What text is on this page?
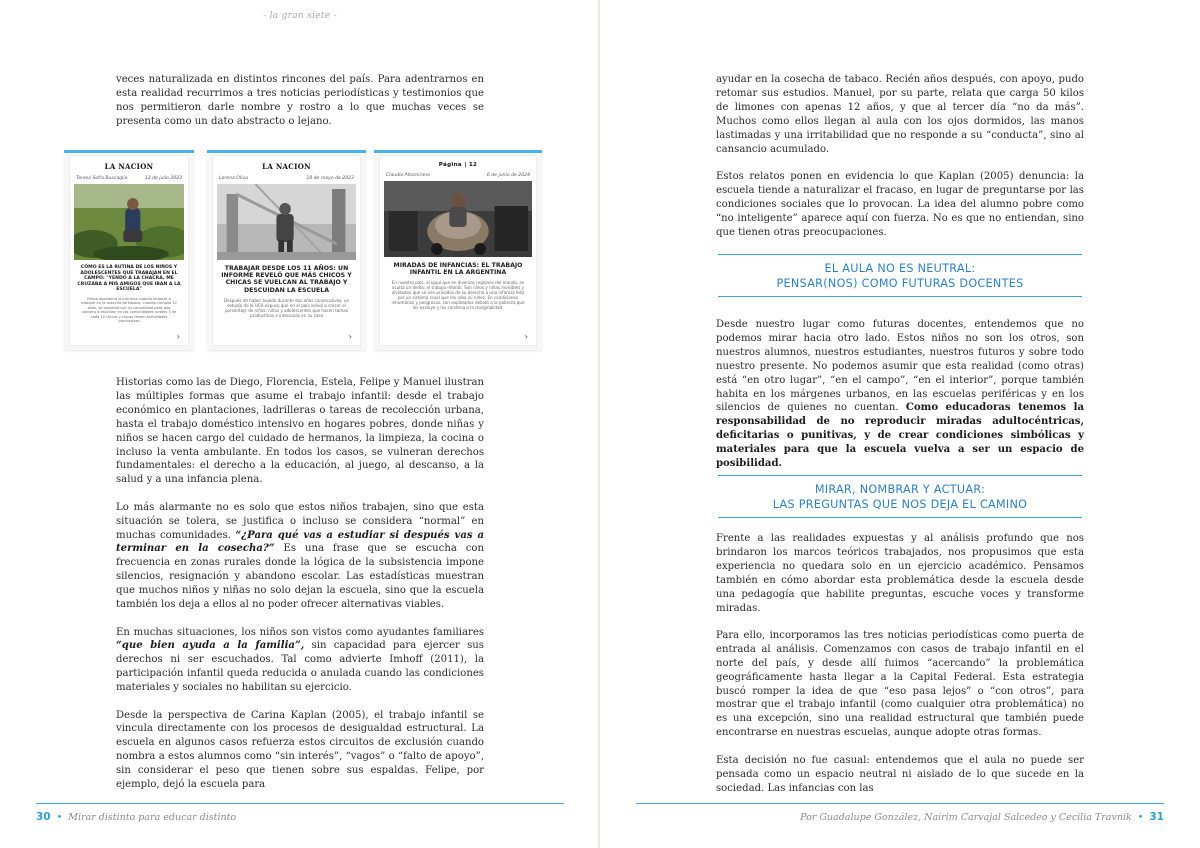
- la gran siete -

veces naturalizada en distintos rincones del país. Para adentrarnos en esta realidad recurrimos a tres noticias periodísticas y testimonios que nos permitieron darle nombre y rostro a lo que muchas veces se presenta como un dato abstracto o lejano.

LA NACION
Teresa Sofía Buscaglia	12 de julio 2023
CÓMO ES LA RUTINA DE LOS NIÑOS Y ADOLESCENTES QUE TRABAJAN EN EL CAMPO: "YENDO A LA CHACRA, ME CRUZABA A MIS AMIGOS QUE IBAN A LA ESCUELA"
Felipe abandonó la primaria cuando empezó a trabajar en la cosecha de tabaco; cuando cumplió 12 años, se organizó con su comunidad para que volviera a estudiar; en las comunidades rurales 1 de cada 10 chicos y chicas tienen actividades productivas
›
LA NACION
Lorena Oliva	18 de mayo de 2023
TRABAJAR DESDE LOS 11 AÑOS: UN INFORME REVELÓ QUE MÁS CHICOS Y CHICAS SE VUELCAN AL TRABAJO Y DESCUIDAN LA ESCUELA
Después de haber bajado durante dos años consecutivos, un estudio de la UCA expuso que en el país volvió a crecer el porcentaje de niños, niñas y adolescentes que hacen tareas productivas e intensivas en su casa
›
Página | 12
Claudio Altamirano	6 de junio de 2024
MIRADAS DE INFANCIAS: EL TRABAJO INFANTIL EN LA ARGENTINA
En nuestro país, al igual que en diversas regiones del mundo, se oculta un delito: el trabajo infantil. Son niños y niñas invisibles y olvidados que se ven privados de su derecho a una infancia feliz por un sistema cruel que les roba su niñez. En condiciones inhumanas y peligrosas, son explotados debido a la pobreza que los excluye y los condena a la marginalidad.
›

Historias como las de Diego, Florencia, Estela, Felipe y Manuel ilustran las múltiples formas que asume el trabajo infantil: desde el trabajo económico en plantaciones, ladrilleras o tareas de recolección urbana, hasta el trabajo doméstico intensivo en hogares pobres, donde niñas y niños se hacen cargo del cuidado de hermanos, la limpieza, la cocina o incluso la venta ambulante. En todos los casos, se vulneran derechos fundamentales: el derecho a la educación, al juego, al descanso, a la salud y a una infancia plena.

Lo más alarmante no es solo que estos niños trabajen, sino que esta situación se tolera, se justifica o incluso se considera “normal” en muchas comunidades. “¿Para qué vas a estudiar si después vas a terminar en la cosecha?” Es una frase que se escucha con frecuencia en zonas rurales donde la lógica de la subsistencia impone silencios, resignación y abandono escolar. Las estadísticas muestran que muchos niños y niñas no solo dejan la escuela, sino que la escuela también los deja a ellos al no poder ofrecer alternativas viables.

En muchas situaciones, los niños son vistos como ayudantes familiares “que bien ayuda a la familia”, sin capacidad para ejercer sus derechos ni ser escuchados. Tal como advierte Imhoff (2011), la participación infantil queda reducida o anulada cuando las condiciones materiales y sociales no habilitan su ejercicio.

Desde la perspectiva de Carina Kaplan (2005), el trabajo infantil se vincula directamente con los procesos de desigualdad estructural. La escuela en algunos casos refuerza estos circuitos de exclusión cuando nombra a estos alumnos como “sin interés”, “vagos” o “falto de apoyo”, sin considerar el peso que tienen sobre sus espaldas. Felipe, por ejemplo, dejó la escuela para

30 • Mirar distinto para educar distinto

ayudar en la cosecha de tabaco. Recién años después, con apoyo, pudo retomar sus estudios. Manuel, por su parte, relata que carga 50 kilos de limones con apenas 12 años, y que al tercer día “no da más”. Muchos como ellos llegan al aula con los ojos dormidos, las manos lastimadas y una irritabilidad que no responde a su “conducta”, sino al cansancio acumulado.

Estos relatos ponen en evidencia lo que Kaplan (2005) denuncia: la escuela tiende a naturalizar el fracaso, en lugar de preguntarse por las condiciones sociales que lo provocan. La idea del alumno pobre como “no inteligente” aparece aquí con fuerza. No es que no entiendan, sino que tienen otras preocupaciones.

EL AULA NO ES NEUTRAL:
PENSAR(NOS) COMO FUTURAS DOCENTES

Desde nuestro lugar como futuras docentes, entendemos que no podemos mirar hacia otro lado. Estos niños no son los otros, son nuestros alumnos, nuestros estudiantes, nuestros futuros y sobre todo nuestro presente. No podemos asumir que esta realidad (como otras) está “en otro lugar”, “en el campo”, “en el interior”, porque también habita en los márgenes urbanos, en las escuelas periféricas y en los silencios de quienes no cuentan. Como educadoras tenemos la responsabilidad de no reproducir miradas adultocéntricas, deficitarias o punitivas, y de crear condiciones simbólicas y materiales para que la escuela vuelva a ser un espacio de posibilidad.

MIRAR, NOMBRAR Y ACTUAR:
LAS PREGUNTAS QUE NOS DEJA EL CAMINO

Frente a las realidades expuestas y al análisis profundo que nos brindaron los marcos teóricos trabajados, nos propusimos que esta experiencia no quedara solo en un ejercicio académico. Pensamos también en cómo abordar esta problemática desde la escuela desde una pedagogía que habilite preguntas, escuche voces y transforme miradas.

Para ello, incorporamos las tres noticias periodísticas como puerta de entrada al análisis. Comenzamos con casos de trabajo infantil en el norte del país, y desde allí fuimos “acercando” la problemática geográficamente hasta llegar a la Capital Federal. Esta estrategia buscó romper la idea de que “eso pasa lejos” o “con otros”, para mostrar que el trabajo infantil (como cualquier otra problemática) no es una excepción, sino una realidad estructural que también puede encontrarse en nuestras escuelas, aunque adopte otras formas.

Esta decisión no fue casual: entendemos que el aula no puede ser pensada como un espacio neutral ni aislado de lo que sucede en la sociedad. Las infancias con las

Por Guadalupe González, Nairim Carvajal Salcedeo y Cecilia Travnik • 31
